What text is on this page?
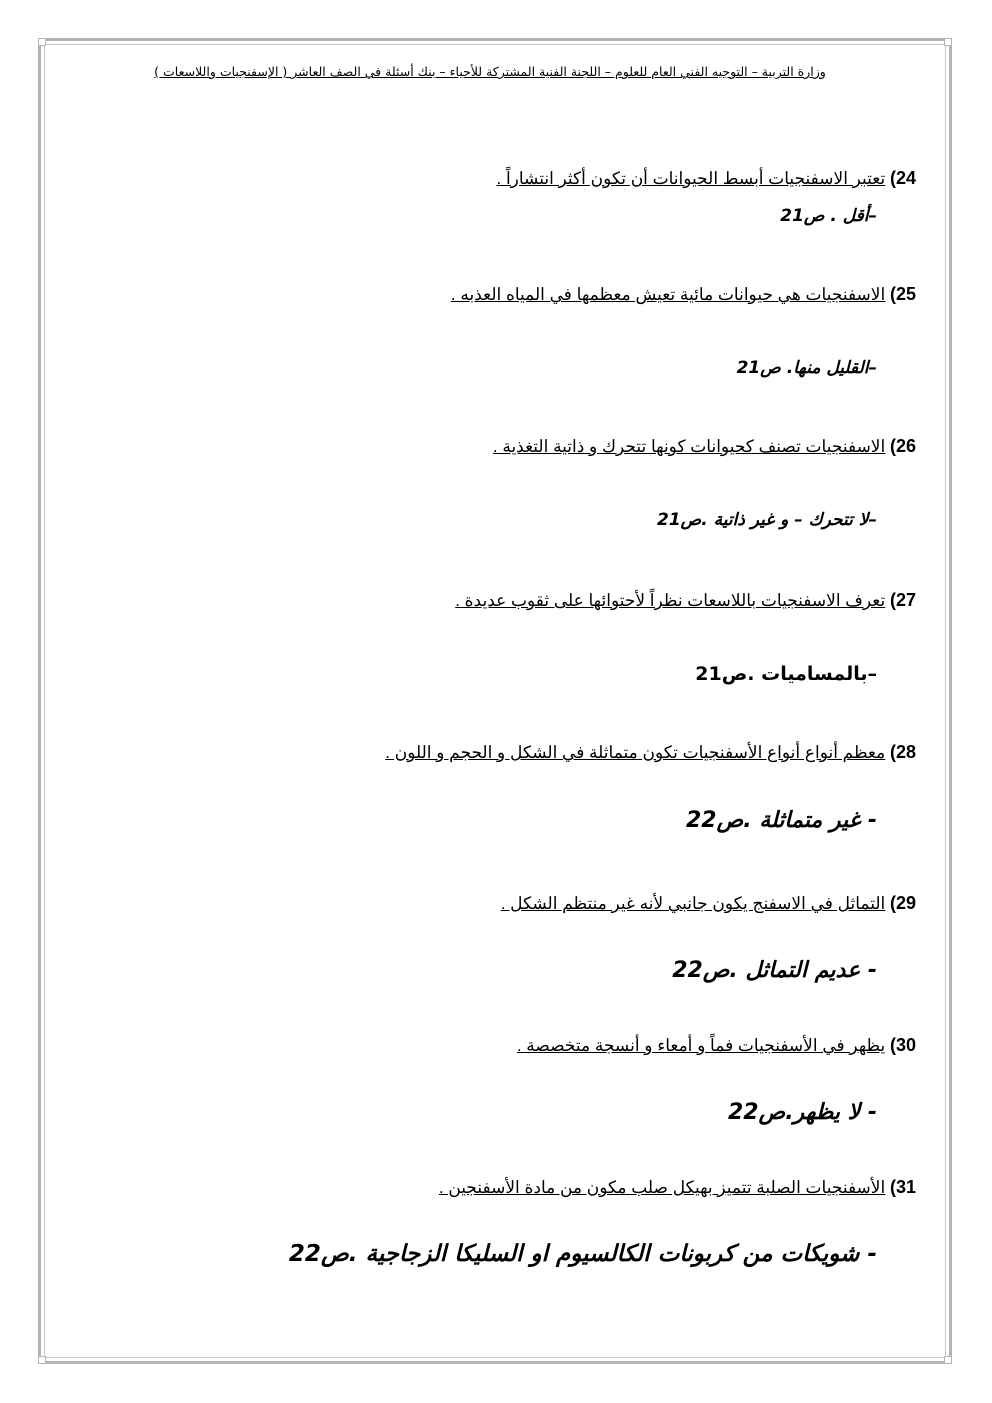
وزارة التربية – التوجيه الفني العام للعلوم – اللجنة الفنية المشتركة للأحياء – بنك أسئلة في الصف العاشر ( الإسفنجيات واللاسعات )
24) تعتبر الاسفنجيات أبسط الحيوانات أن تكون أكثر انتشاراً .
–أقل . ص21
25) الاسفنجيات هي حيوانات مائية تعيش معظمها في المياه العذبه .
–القليل منها. ص21
26) الاسفنجيات تصنف كحيوانات كونها تتحرك و ذاتية التغذية .
–لا تتحرك – و غير ذاتية .ص21
27) تعرف الاسفنجيات باللاسعات نظراً لأحتوائها على ثقوب عديدة .
–بالمساميات .ص21
28) معظم أنواع أنواع الأسفنجيات تكون متماثلة في الشكل و الحجم و اللون .
- غير متماثلة .ص22
29) التماثل في الاسفنج يكون جانبي لأنه غير منتظم الشكل .
- عديم التماثل .ص22
30) يظهر في الأسفنجيات فماً و أمعاء و أنسجة متخصصة .
- لا يظهر.ص22
31) الأسفنجيات الصلبة تتميز بهيكل صلب مكون من مادة الأسفنجين .
- شويكات من كربونات الكالسيوم او السليكا الزجاجية .ص22
